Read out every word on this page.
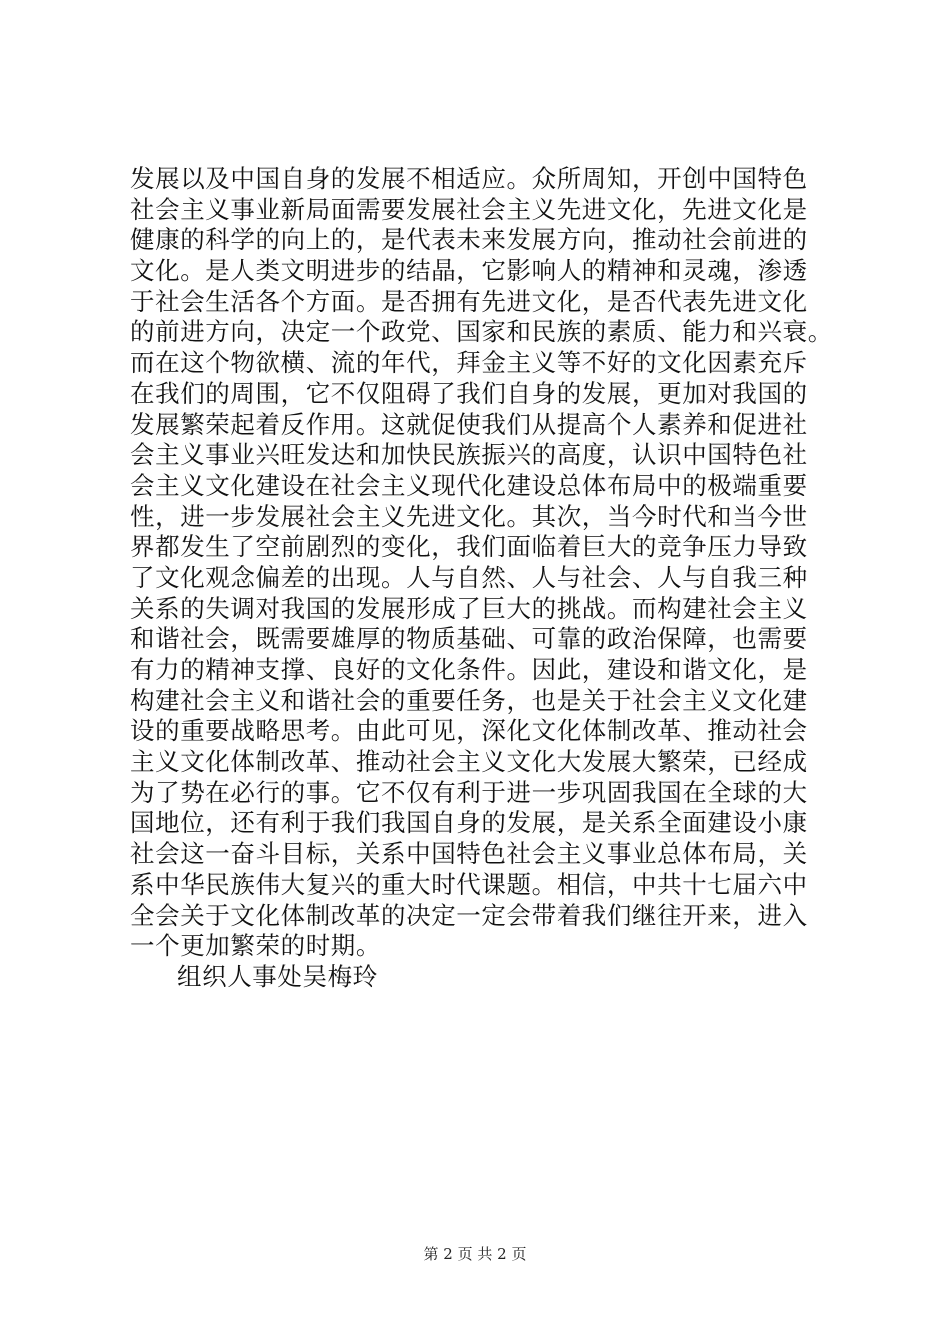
发展以及中国自身的发展不相适应。众所周知，开创中国特色
社会主义事业新局面需要发展社会主义先进文化，先进文化是
健康的科学的向上的，是代表未来发展方向，推动社会前进的
文化。是人类文明进步的结晶，它影响人的精神和灵魂，渗透
于社会生活各个方面。是否拥有先进文化，是否代表先进文化
的前进方向，决定一个政党、国家和民族的素质、能力和兴衰。
而在这个物欲横、流的年代，拜金主义等不好的文化因素充斥
在我们的周围，它不仅阻碍了我们自身的发展，更加对我国的
发展繁荣起着反作用。这就促使我们从提高个人素养和促进社
会主义事业兴旺发达和加快民族振兴的高度，认识中国特色社
会主义文化建设在社会主义现代化建设总体布局中的极端重要
性，进一步发展社会主义先进文化。其次，当今时代和当今世
界都发生了空前剧烈的变化，我们面临着巨大的竞争压力导致
了文化观念偏差的出现。人与自然、人与社会、人与自我三种
关系的失调对我国的发展形成了巨大的挑战。而构建社会主义
和谐社会，既需要雄厚的物质基础、可靠的政治保障，也需要
有力的精神支撑、良好的文化条件。因此，建设和谐文化，是
构建社会主义和谐社会的重要任务，也是关于社会主义文化建
设的重要战略思考。由此可见，深化文化体制改革、推动社会
主义文化体制改革、推动社会主义文化大发展大繁荣，已经成
为了势在必行的事。它不仅有利于进一步巩固我国在全球的大
国地位，还有利于我们我国自身的发展，是关系全面建设小康
社会这一奋斗目标，关系中国特色社会主义事业总体布局，关
系中华民族伟大复兴的重大时代课题。相信，中共十七届六中
全会关于文化体制改革的决定一定会带着我们继往开来，进入
一个更加繁荣的时期。
组织人事处吴梅玲
第 2 页 共 2 页
